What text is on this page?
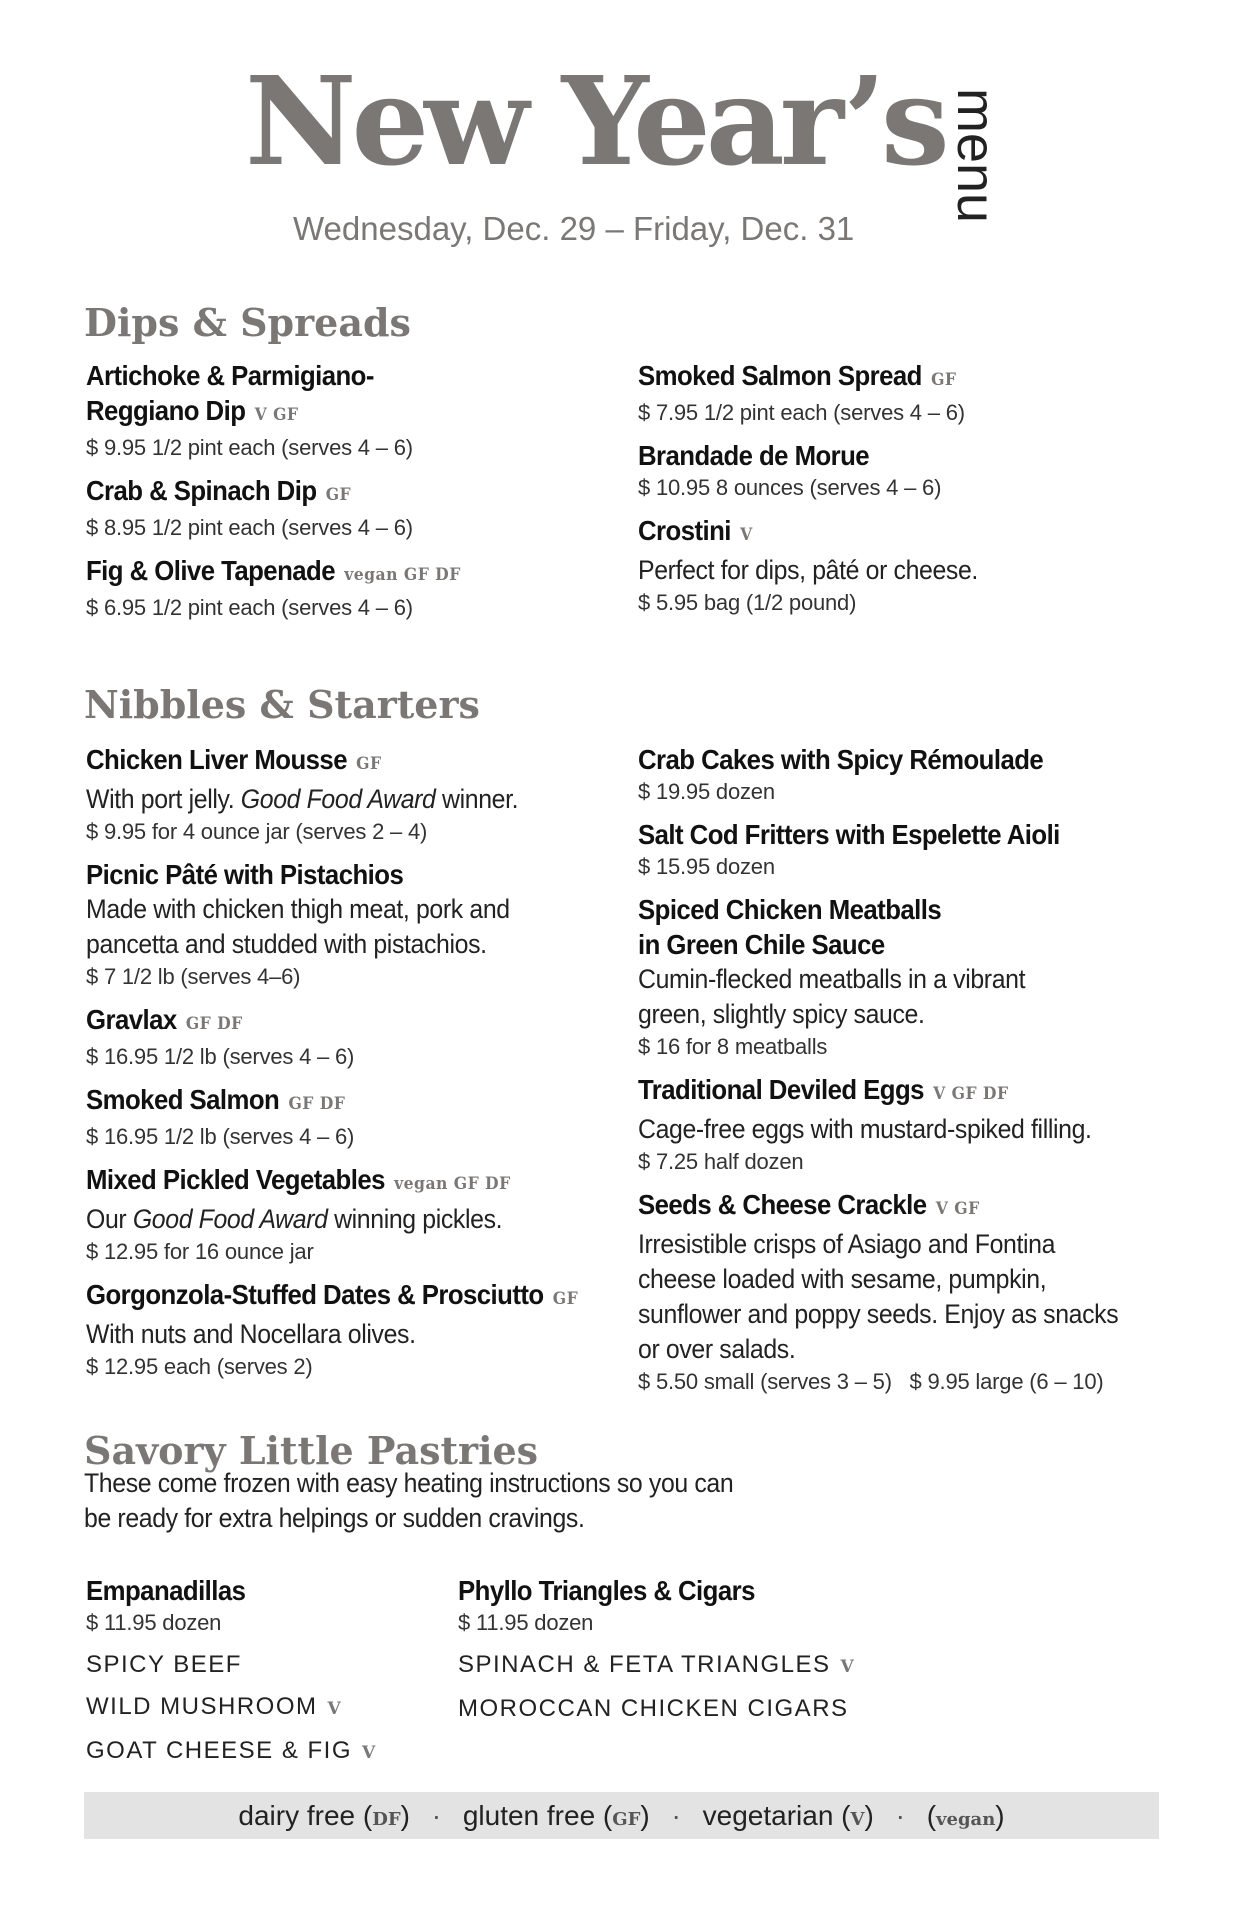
New Year’s menu
Wednesday, Dec. 29 – Friday, Dec. 31
Dips & Spreads
Artichoke & Parmigiano-Reggiano Dip V GF
$ 9.95 1/2 pint each (serves 4 – 6)
Crab & Spinach Dip GF
$ 8.95 1/2 pint each (serves 4 – 6)
Fig & Olive Tapenade vegan GF DF
$ 6.95 1/2 pint each (serves 4 – 6)
Smoked Salmon Spread GF
$ 7.95 1/2 pint each (serves 4 – 6)
Brandade de Morue
$ 10.95 8 ounces (serves 4 – 6)
Crostini V
Perfect for dips, pâté or cheese.
$ 5.95 bag (1/2 pound)
Nibbles & Starters
Chicken Liver Mousse GF
With port jelly. Good Food Award winner.
$ 9.95 for 4 ounce jar (serves 2 – 4)
Picnic Pâté with Pistachios
Made with chicken thigh meat, pork and pancetta and studded with pistachios.
$ 7 1/2 lb (serves 4–6)
Gravlax GF DF
$ 16.95 1/2 lb (serves 4 – 6)
Smoked Salmon GF DF
$ 16.95 1/2 lb (serves 4 – 6)
Mixed Pickled Vegetables vegan GF DF
Our Good Food Award winning pickles.
$ 12.95 for 16 ounce jar
Gorgonzola-Stuffed Dates & Prosciutto GF
With nuts and Nocellara olives.
$ 12.95 each (serves 2)
Crab Cakes with Spicy Rémoulade
$ 19.95 dozen
Salt Cod Fritters with Espelette Aioli
$ 15.95 dozen
Spiced Chicken Meatballs in Green Chile Sauce
Cumin-flecked meatballs in a vibrant green, slightly spicy sauce.
$ 16 for 8 meatballs
Traditional Deviled Eggs V GF DF
Cage-free eggs with mustard-spiked filling.
$ 7.25 half dozen
Seeds & Cheese Crackle V GF
Irresistible crisps of Asiago and Fontina cheese loaded with sesame, pumpkin, sunflower and poppy seeds. Enjoy as snacks or over salads.
$ 5.50 small (serves 3 – 5)   $ 9.95 large (6 – 10)
Savory Little Pastries
These come frozen with easy heating instructions so you can be ready for extra helpings or sudden cravings.
Empanadillas
$ 11.95 dozen
SPICY BEEF
WILD MUSHROOM V
GOAT CHEESE & FIG V
Phyllo Triangles & Cigars
$ 11.95 dozen
SPINACH & FETA TRIANGLES V
MOROCCAN CHICKEN CIGARS
dairy free (DF) · gluten free (GF) · vegetarian (V) · (vegan)
